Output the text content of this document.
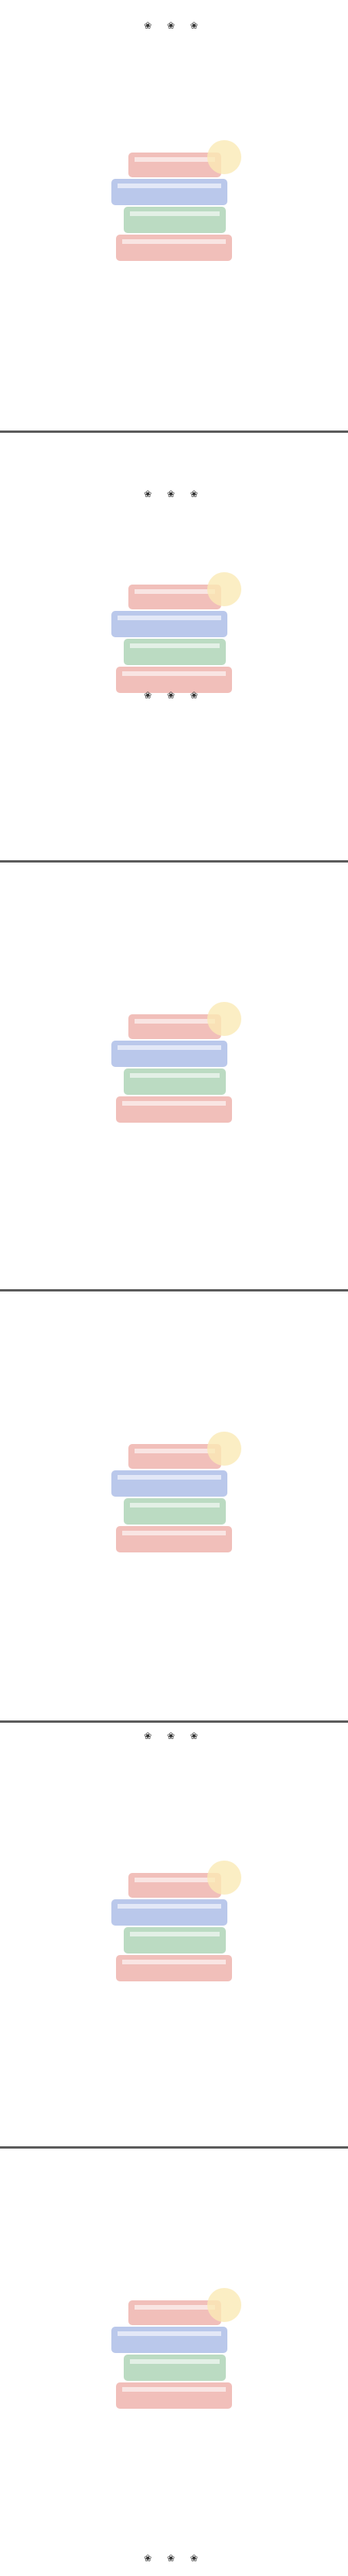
❀ ❀ ❀
❀ ❀ ❀
❀ ❀ ❀
❀ ❀ ❀
❀ ❀ ❀
